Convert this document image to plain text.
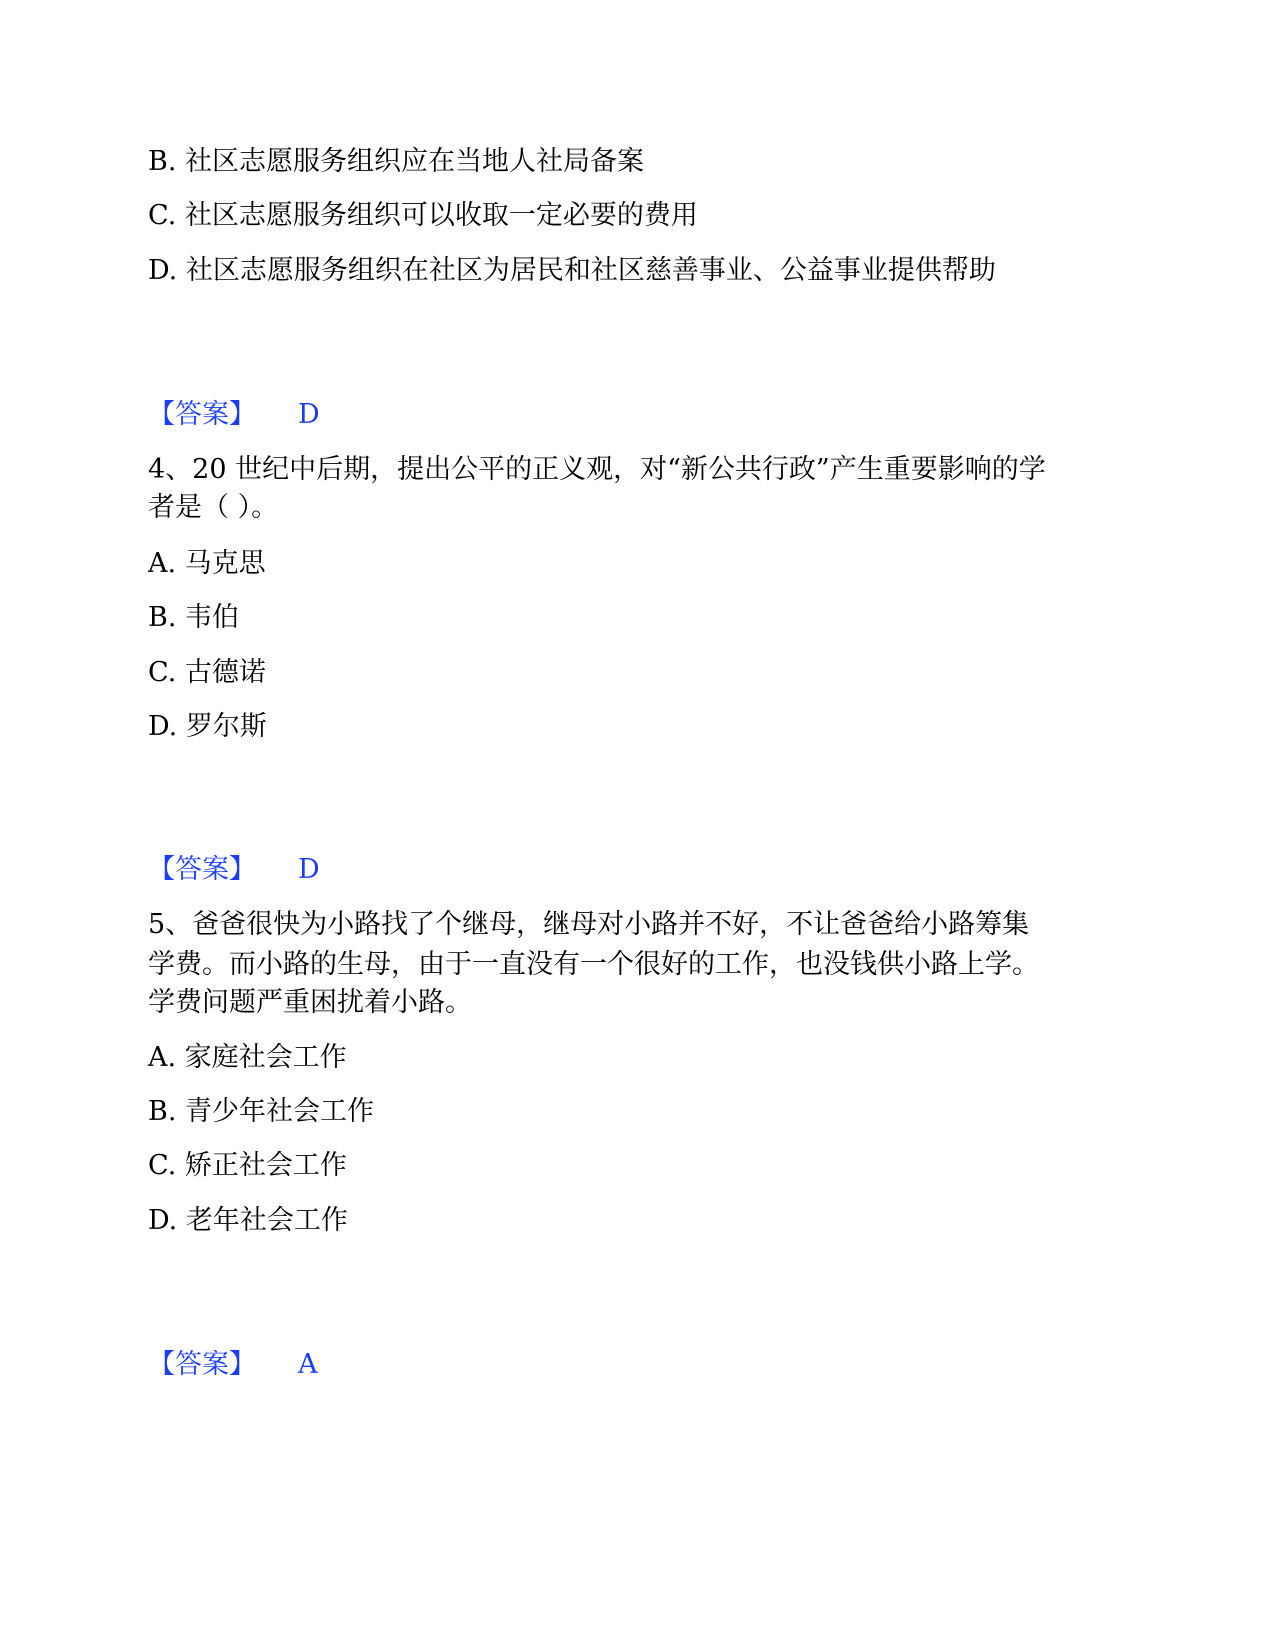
B. 社区志愿服务组织应在当地人社局备案
C. 社区志愿服务组织可以收取一定必要的费用
D. 社区志愿服务组织在社区为居民和社区慈善事业、公益事业提供帮助
【答案】 D
4、20 世纪中后期，提出公平的正义观，对“新公共行政”产生重要影响的学
者是（ ）。
A. 马克思
B. 韦伯
C. 古德诺
D. 罗尔斯
【答案】 D
5、爸爸很快为小路找了个继母，继母对小路并不好，不让爸爸给小路筹集
学费。而小路的生母，由于一直没有一个很好的工作，也没钱供小路上学。
学费问题严重困扰着小路。
A. 家庭社会工作
B. 青少年社会工作
C. 矫正社会工作
D. 老年社会工作
【答案】 A
